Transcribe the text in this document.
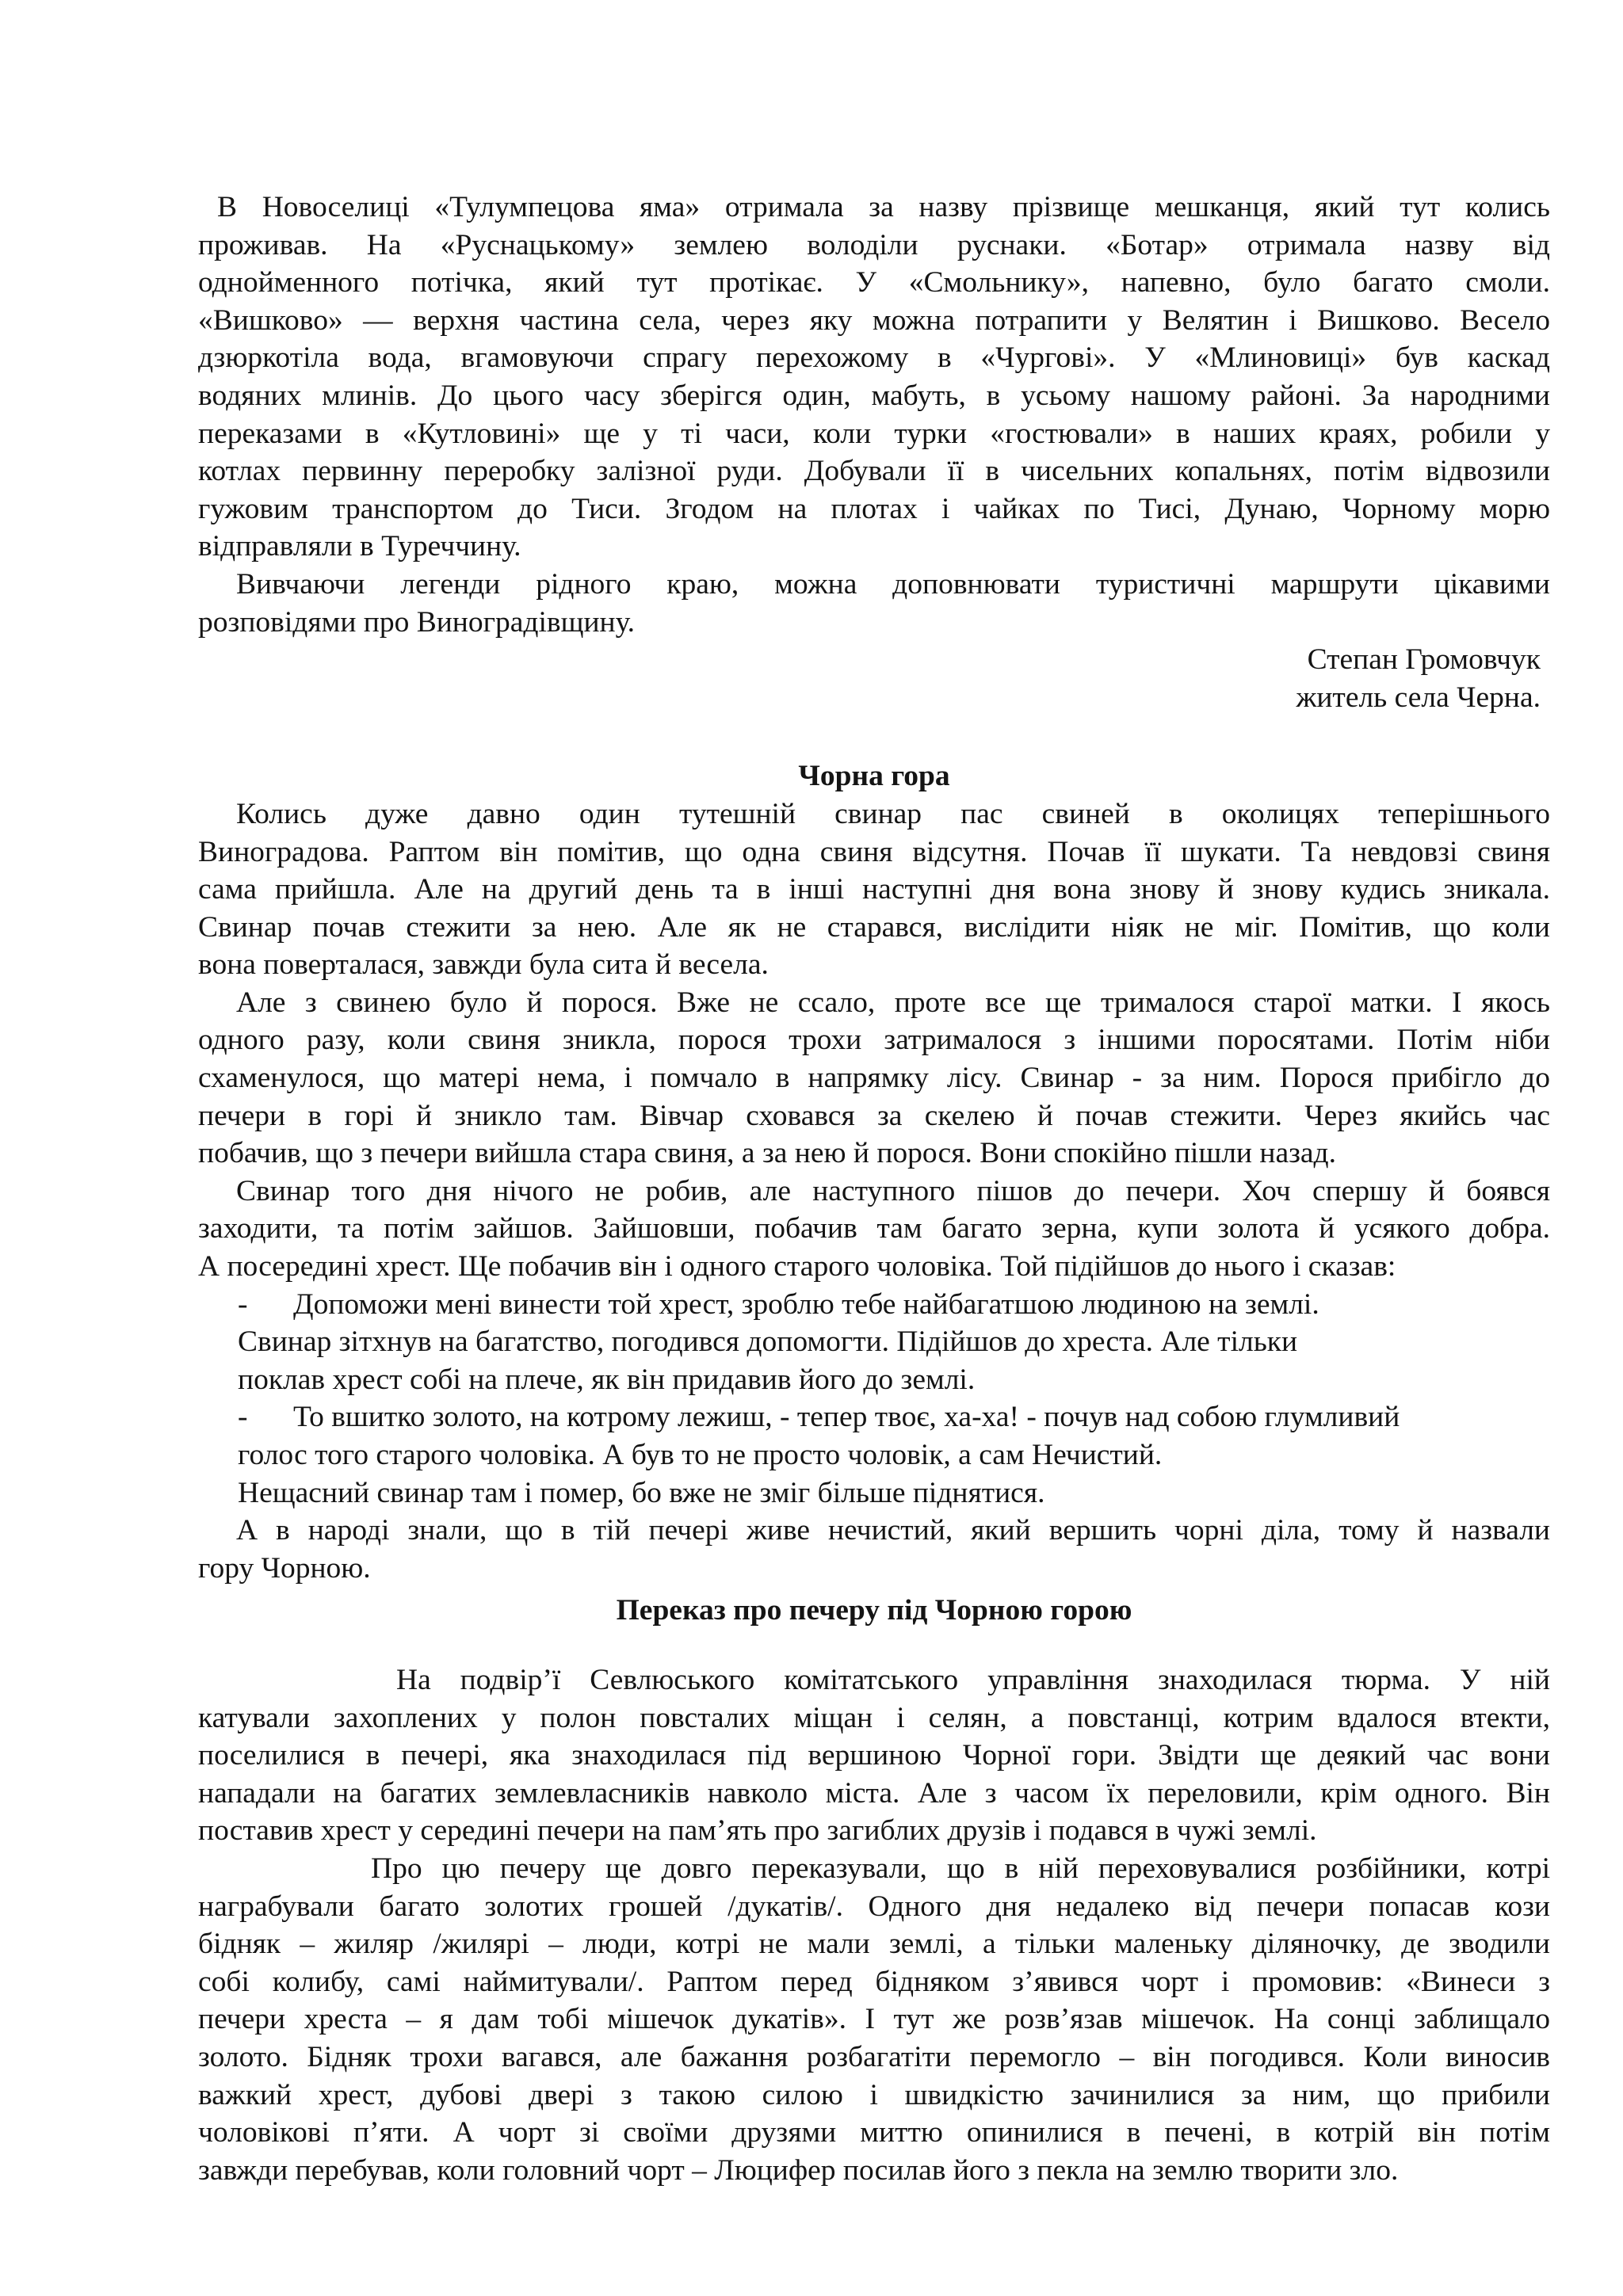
В Новоселиці «Тулумпецова яма» отримала за назву прізвище мешканця, який тут колись

проживав. На «Руснацькому» землею володіли руснаки. «Ботар» отримала назву від

однойменного потічка, який тут протікає. У «Смольнику», напевно, було багато смоли.

«Вишково» — верхня частина села, через яку можна потрапити у Велятин і Вишково. Весело

дзюркотіла вода, вгамовуючи спрагу перехожому в «Чургові». У «Млиновиці» був каскад

водяних млинів. До цього часу зберігся один, мабуть, в усьому нашому районі. За народними

переказами в «Кутловині» ще у ті часи, коли турки «гостювали» в наших краях, робили у

котлах первинну переробку залізної руди. Добували її в чисельних копальнях, потім відвозили

гужовим транспортом до Тиси. Згодом на плотах і чайках по Тисі, Дунаю, Чорному морю

відправляли в Туреччину.

Вивчаючи легенди рідного краю, можна доповнювати туристичні маршрути цікавими

розповідями про Виноградівщину.

Степан Громовчук

житель села Черна.

Чорна гора

Колись дуже давно один тутешній свинар пас свиней в околицях теперішнього

Виноградова. Раптом він помітив, що одна свиня відсутня. Почав її шукати. Та невдовзі свиня

сама прийшла. Але на другий день та в інші наступні дня вона знову й знову кудись зникала.

Свинар почав стежити за нею. Але як не старався, вислідити ніяк не міг. Помітив, що коли

вона поверталася, завжди була сита й весела.

Але з свинею було й порося. Вже не ссало, проте все ще трималося старої матки. І якось

одного разу, коли свиня зникла, порося трохи затрималося з іншими поросятами. Потім ніби

схаменулося, що матері нема, і помчало в напрямку лісу. Свинар - за ним. Порося прибігло до

печери в горі й зникло там. Вівчар сховався за скелею й почав стежити. Через якийсь час

побачив, що з печери вийшла стара свиня, а за нею й порося. Вони спокійно пішли назад.

Свинар того дня нічого не робив, але наступного пішов до печери. Хоч спершу й боявся

заходити, та потім зайшов. Зайшовши, побачив там багато зерна, купи золота й усякого добра.

А посередині хрест. Ще побачив він і одного старого чоловіка. Той підійшов до нього і сказав:

-	Допоможи мені винести той хрест, зроблю тебе найбагатшою людиною на землі.

Свинар зітхнув на багатство, погодився допомогти. Підійшов до хреста. Але тільки

поклав хрест собі на плече, як він придавив його до землі.

-	То вшитко золото, на котрому лежиш, - тепер твоє, ха-ха! - почув над собою глумливий

голос того старого чоловіка. А був то не просто чоловік, а сам Нечистий.

Нещасний свинар там і помер, бо вже не зміг більше піднятися.

А в народі знали, що в тій печері живе нечистий, який вершить чорні діла, тому й назвали

гору Чорною.

Переказ про печеру під Чорною горою

На подвір’ї Севлюського комітатського управління знаходилася тюрма. У ній

катували захоплених у полон повсталих міщан і селян, а повстанці, котрим вдалося втекти,

поселилися в печері, яка знаходилася під вершиною Чорної гори. Звідти ще деякий час вони

нападали на багатих землевласників навколо міста. Але з часом їх переловили, крім одного. Він

поставив хрест у середині печери на пам’ять про загиблих друзів і подався в чужі землі.

Про цю печеру ще довго переказували, що в ній переховувалися розбійники, котрі

награбували багато золотих грошей /дукатів/. Одного дня недалеко від печери попасав кози

бідняк – жиляр /жилярі – люди, котрі не мали землі, а тільки маленьку діляночку, де зводили

собі колибу, самі наймитували/. Раптом перед бідняком з’явився чорт і промовив: «Винеси з

печери хреста – я дам тобі мішечок дукатів». І тут же розв’язав мішечок. На сонці заблищало

золото. Бідняк трохи вагався, але бажання розбагатіти перемогло – він погодився. Коли виносив

важкий хрест, дубові двері з такою силою і швидкістю зачинилися за ним, що прибили

чоловікові п’яти. А чорт зі своїми друзями миттю опинилися в печені, в котрій він потім

завжди перебував, коли головний чорт – Люцифер посилав його з пекла на землю творити зло.
